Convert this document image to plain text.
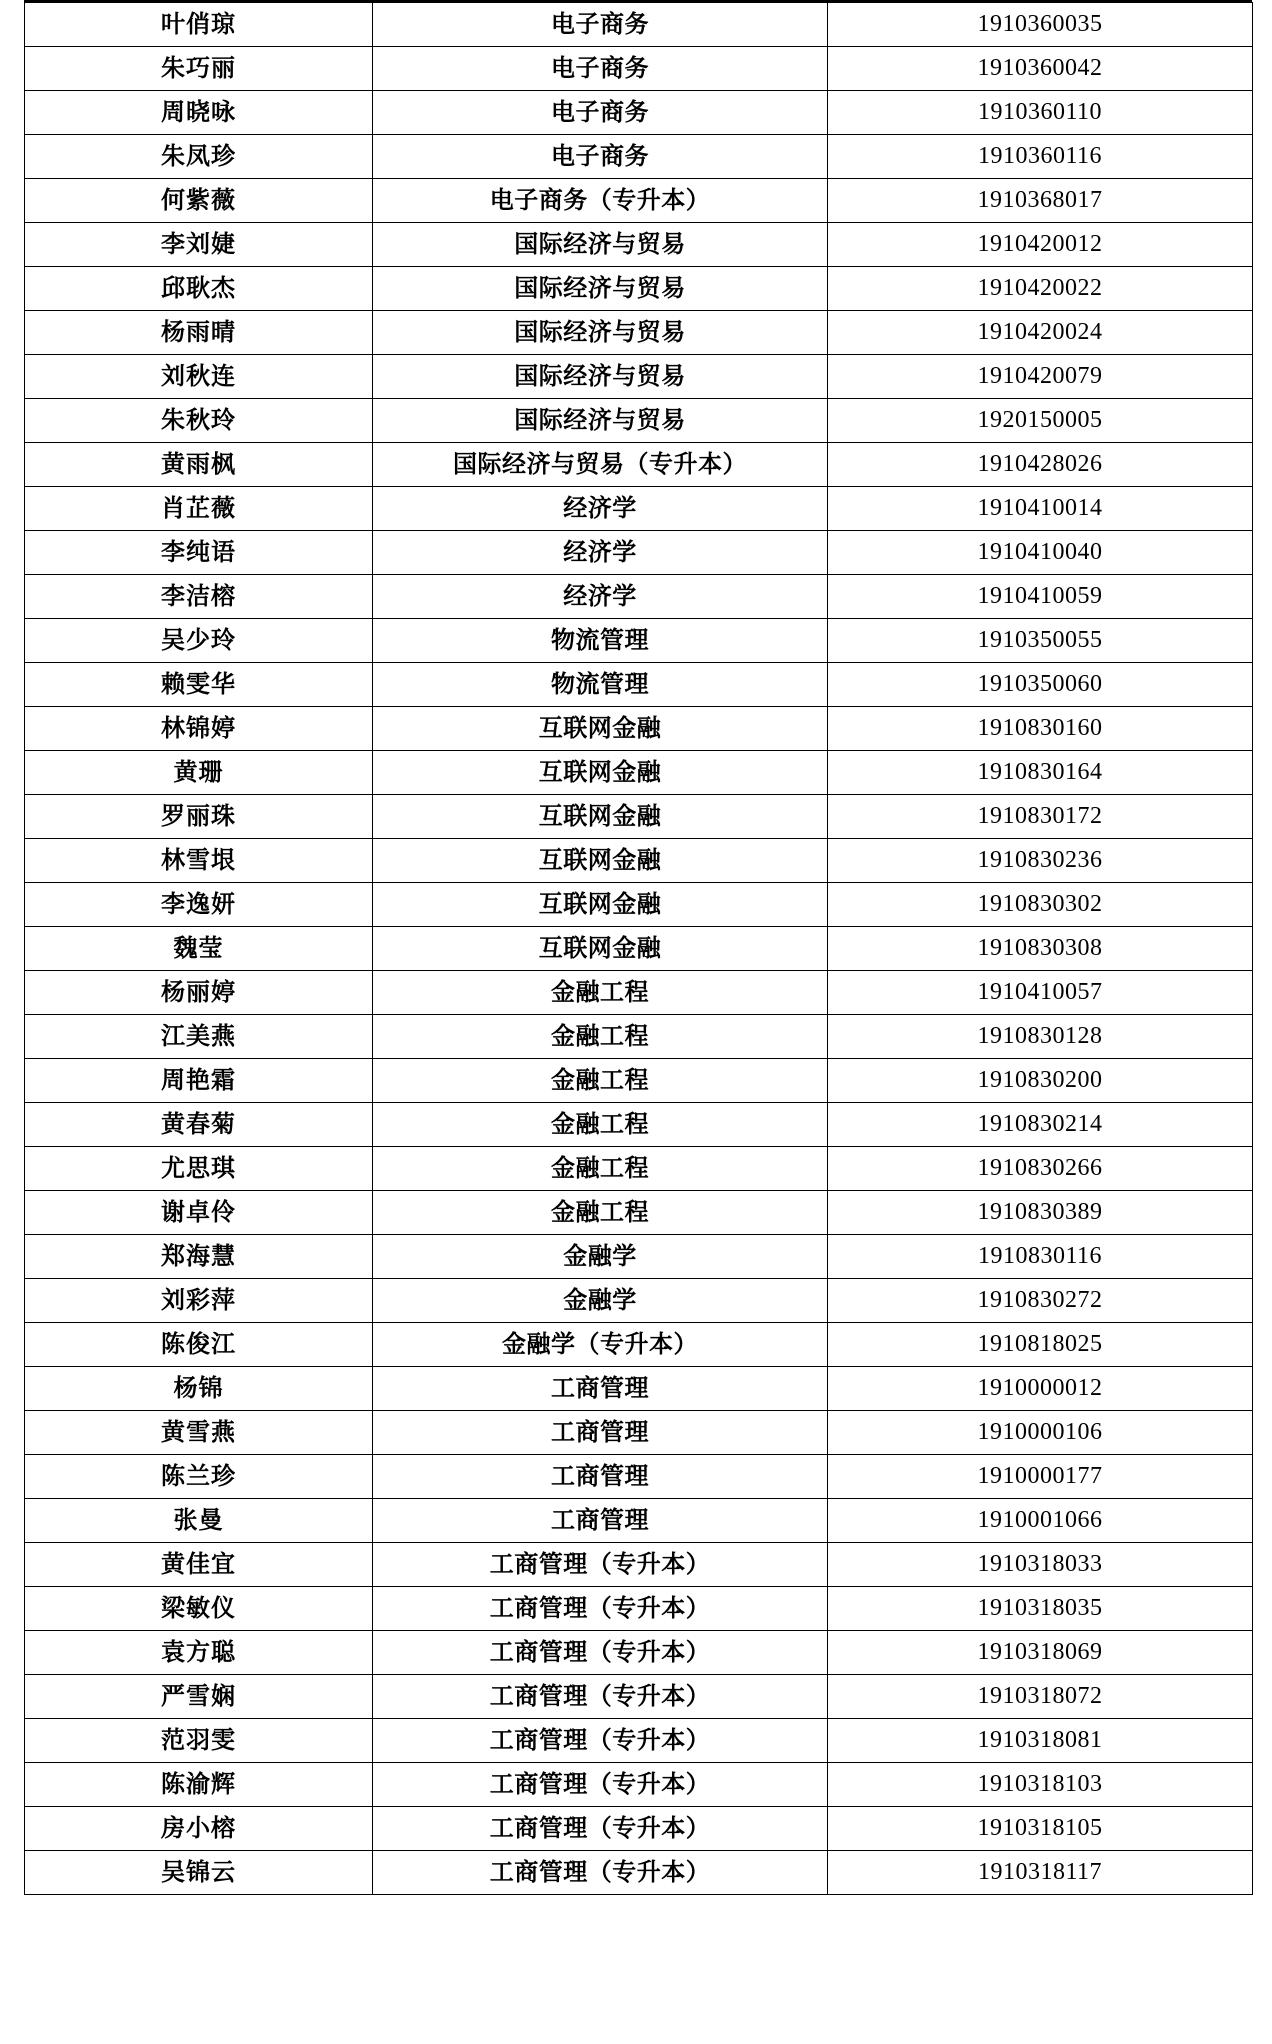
叶俏琼	电子商务	1910360035
朱巧丽	电子商务	1910360042
周晓咏	电子商务	1910360110
朱凤珍	电子商务	1910360116
何紫薇	电子商务（专升本）	1910368017
李刘婕	国际经济与贸易	1910420012
邱耿杰	国际经济与贸易	1910420022
杨雨晴	国际经济与贸易	1910420024
刘秋连	国际经济与贸易	1910420079
朱秋玲	国际经济与贸易	1920150005
黄雨枫	国际经济与贸易（专升本）	1910428026
肖芷薇	经济学	1910410014
李纯语	经济学	1910410040
李洁榕	经济学	1910410059
吴少玲	物流管理	1910350055
赖雯华	物流管理	1910350060
林锦婷	互联网金融	1910830160
黄珊	互联网金融	1910830164
罗丽珠	互联网金融	1910830172
林雪垠	互联网金融	1910830236
李逸妍	互联网金融	1910830302
魏莹	互联网金融	1910830308
杨丽婷	金融工程	1910410057
江美燕	金融工程	1910830128
周艳霜	金融工程	1910830200
黄春菊	金融工程	1910830214
尤思琪	金融工程	1910830266
谢卓伶	金融工程	1910830389
郑海慧	金融学	1910830116
刘彩萍	金融学	1910830272
陈俊江	金融学（专升本）	1910818025
杨锦	工商管理	1910000012
黄雪燕	工商管理	1910000106
陈兰珍	工商管理	1910000177
张曼	工商管理	1910001066
黄佳宜	工商管理（专升本）	1910318033
梁敏仪	工商管理（专升本）	1910318035
袁方聪	工商管理（专升本）	1910318069
严雪娴	工商管理（专升本）	1910318072
范羽雯	工商管理（专升本）	1910318081
陈渝辉	工商管理（专升本）	1910318103
房小榕	工商管理（专升本）	1910318105
吴锦云	工商管理（专升本）	1910318117
